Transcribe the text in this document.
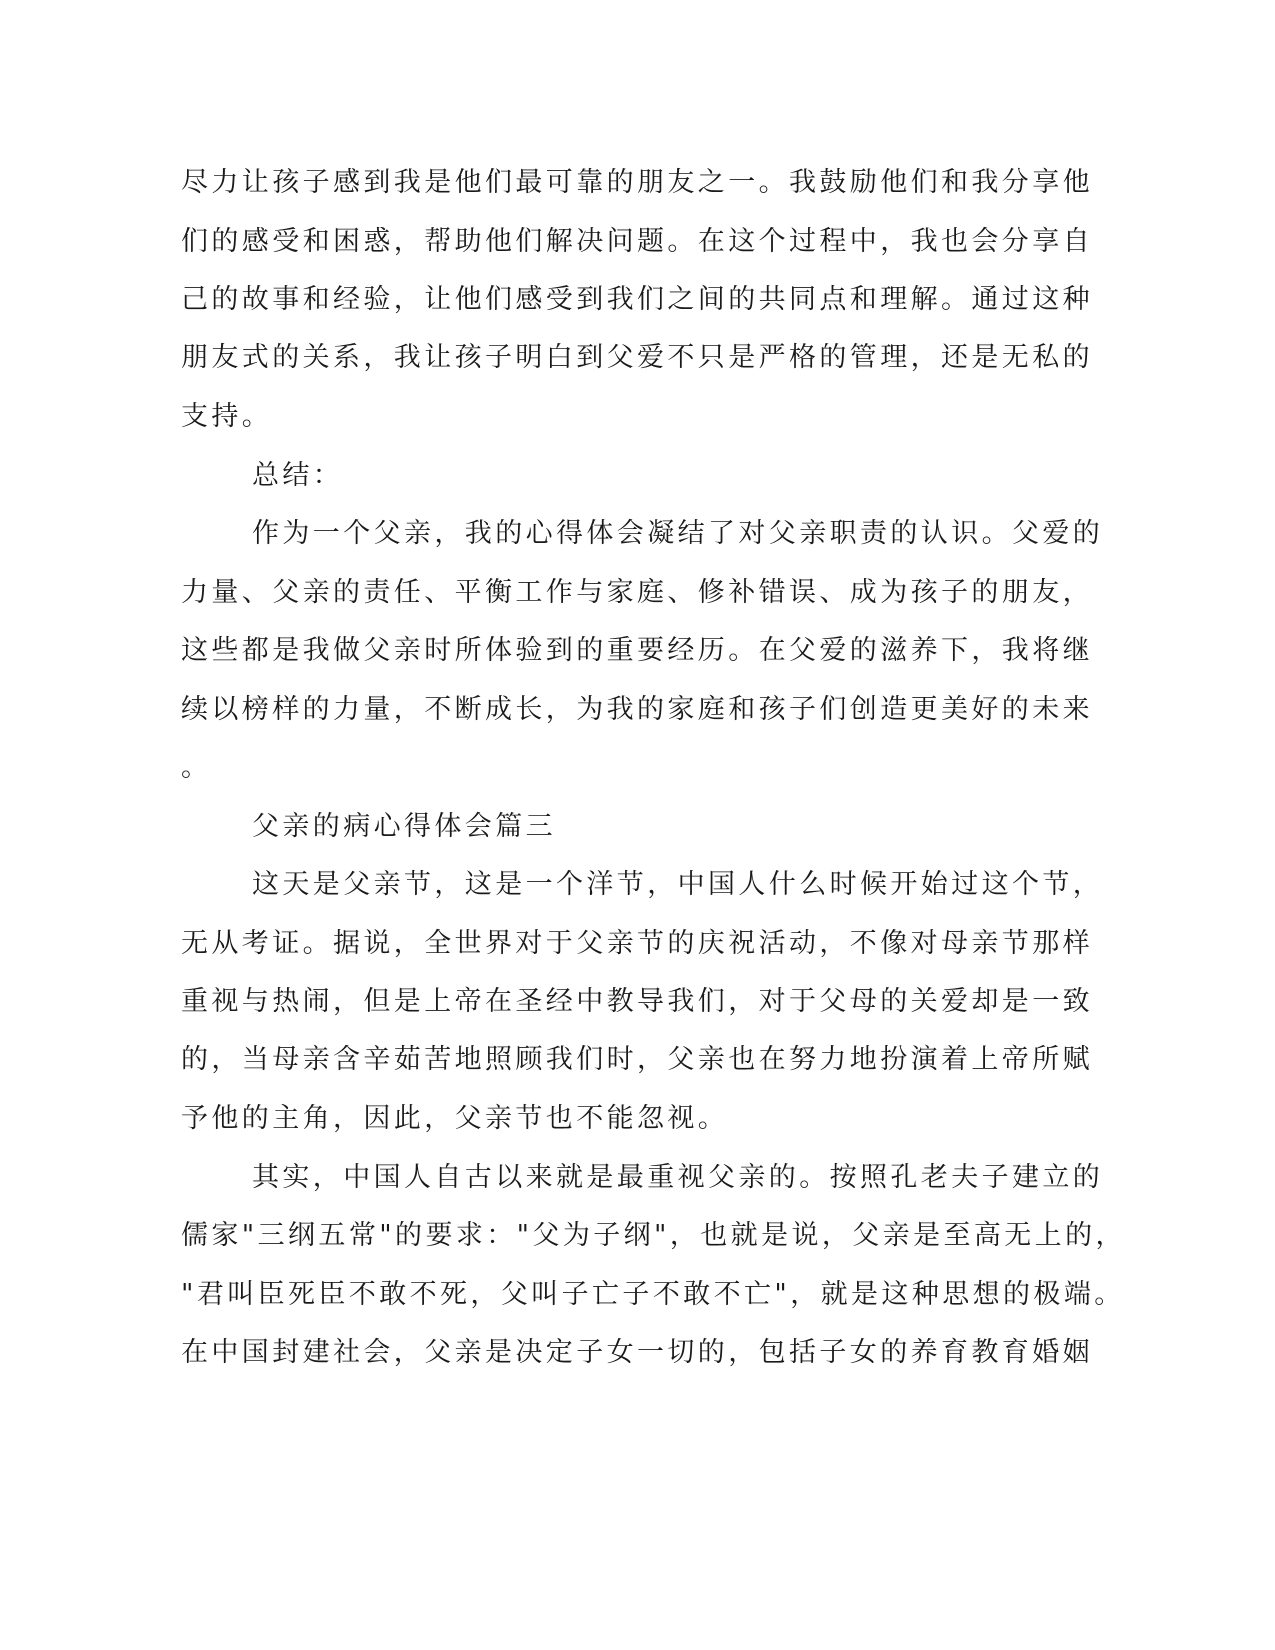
尽力让孩子感到我是他们最可靠的朋友之一。我鼓励他们和我分享他
们的感受和困惑，帮助他们解决问题。在这个过程中，我也会分享自
己的故事和经验，让他们感受到我们之间的共同点和理解。通过这种
朋友式的关系，我让孩子明白到父爱不只是严格的管理，还是无私的
支持。
总结：
作为一个父亲，我的心得体会凝结了对父亲职责的认识。父爱的
力量、父亲的责任、平衡工作与家庭、修补错误、成为孩子的朋友，
这些都是我做父亲时所体验到的重要经历。在父爱的滋养下，我将继
续以榜样的力量，不断成长，为我的家庭和孩子们创造更美好的未来
。
父亲的病心得体会篇三
这天是父亲节，这是一个洋节，中国人什么时候开始过这个节，
无从考证。据说，全世界对于父亲节的庆祝活动，不像对母亲节那样
重视与热闹，但是上帝在圣经中教导我们，对于父母的关爱却是一致
的，当母亲含辛茹苦地照顾我们时，父亲也在努力地扮演着上帝所赋
予他的主角，因此，父亲节也不能忽视。
其实，中国人自古以来就是最重视父亲的。按照孔老夫子建立的
儒家"三纲五常"的要求："父为子纲"，也就是说，父亲是至高无上的，
"君叫臣死臣不敢不死，父叫子亡子不敢不亡"，就是这种思想的极端。
在中国封建社会，父亲是决定子女一切的，包括子女的养育教育婚姻
